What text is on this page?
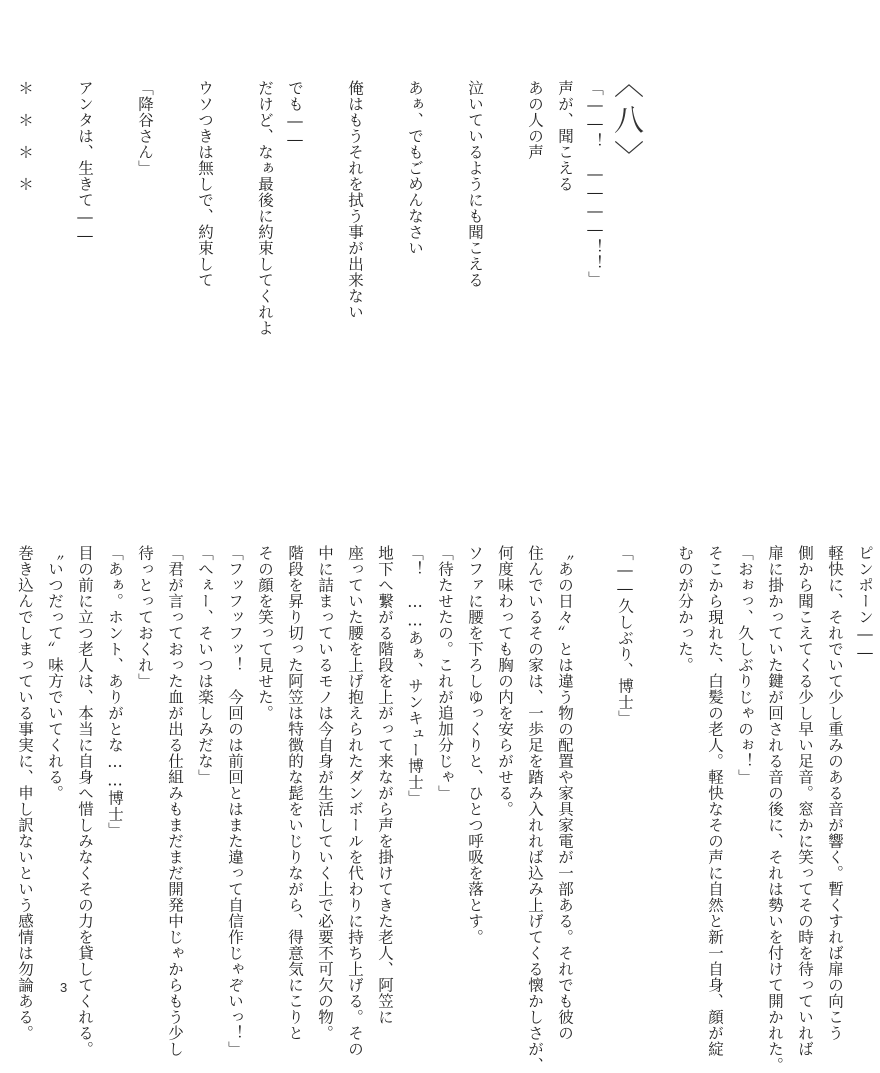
〈八〉
「――！　――――！！」
声が、聞こえる
あの人の声

泣いているようにも聞こえる

あぁ、でもごめんなさい

俺はもうそれを拭う事が出来ない

でも――
だけど、なぁ最後に約束してくれよ

ウソつきは無しで、約束して

「降谷さん」

アンタは、生きて――

＊　＊　＊　＊
ピンポーン――
軽快に、それでいて少し重みのある音が響く。暫くすれば扉の向こう
側から聞こえてくる少し早い足音。窓かに笑ってその時を待っていれば
扉に掛かっていた鍵が回される音の後に、それは勢いを付けて開かれた。
「おぉっ、久しぶりじゃのぉ！」
そこから現れた、白髪の老人。軽快なその声に自然と新一自身、顔が綻
むのが分かった。

「――久しぶり、博士」

〝あの日々〟とは違う物の配置や家具家電が一部ある。それでも彼の
住んでいるその家は、一歩足を踏み入れれば込み上げてくる懐かしさが、
何度味わっても胸の内を安らがせる。
ソファに腰を下ろしゆっくりと、ひとつ呼吸を落とす。
「待たせたの。これが追加分じゃ」
「！　……あぁ、サンキュー博士」
地下へ繋がる階段を上がって来ながら声を掛けてきた老人、阿笠に
座っていた腰を上げ抱えられたダンボールを代わりに持ち上げる。その
中に詰まっているモノは今自身が生活していく上で必要不可欠の物。
階段を昇り切った阿笠は特徴的な髭をいじりながら、得意気にこりと
その顔を笑って見せた。
「フッフッフッ！　今回のは前回とはまた違って自信作じゃぞいっ！」
「へぇー、そいつは楽しみだな」
「君が言っておった血が出る仕組みもまだまだ開発中じゃからもう少し
待っとっておくれ」
「あぁ。ホント、ありがとな……博士」
目の前に立つ老人は、本当に自身へ惜しみなくその力を貸してくれる。
〝いつだって〟味方でいてくれる。
巻き込んでしまっている事実に、申し訳ないという感情は勿論ある。	3
